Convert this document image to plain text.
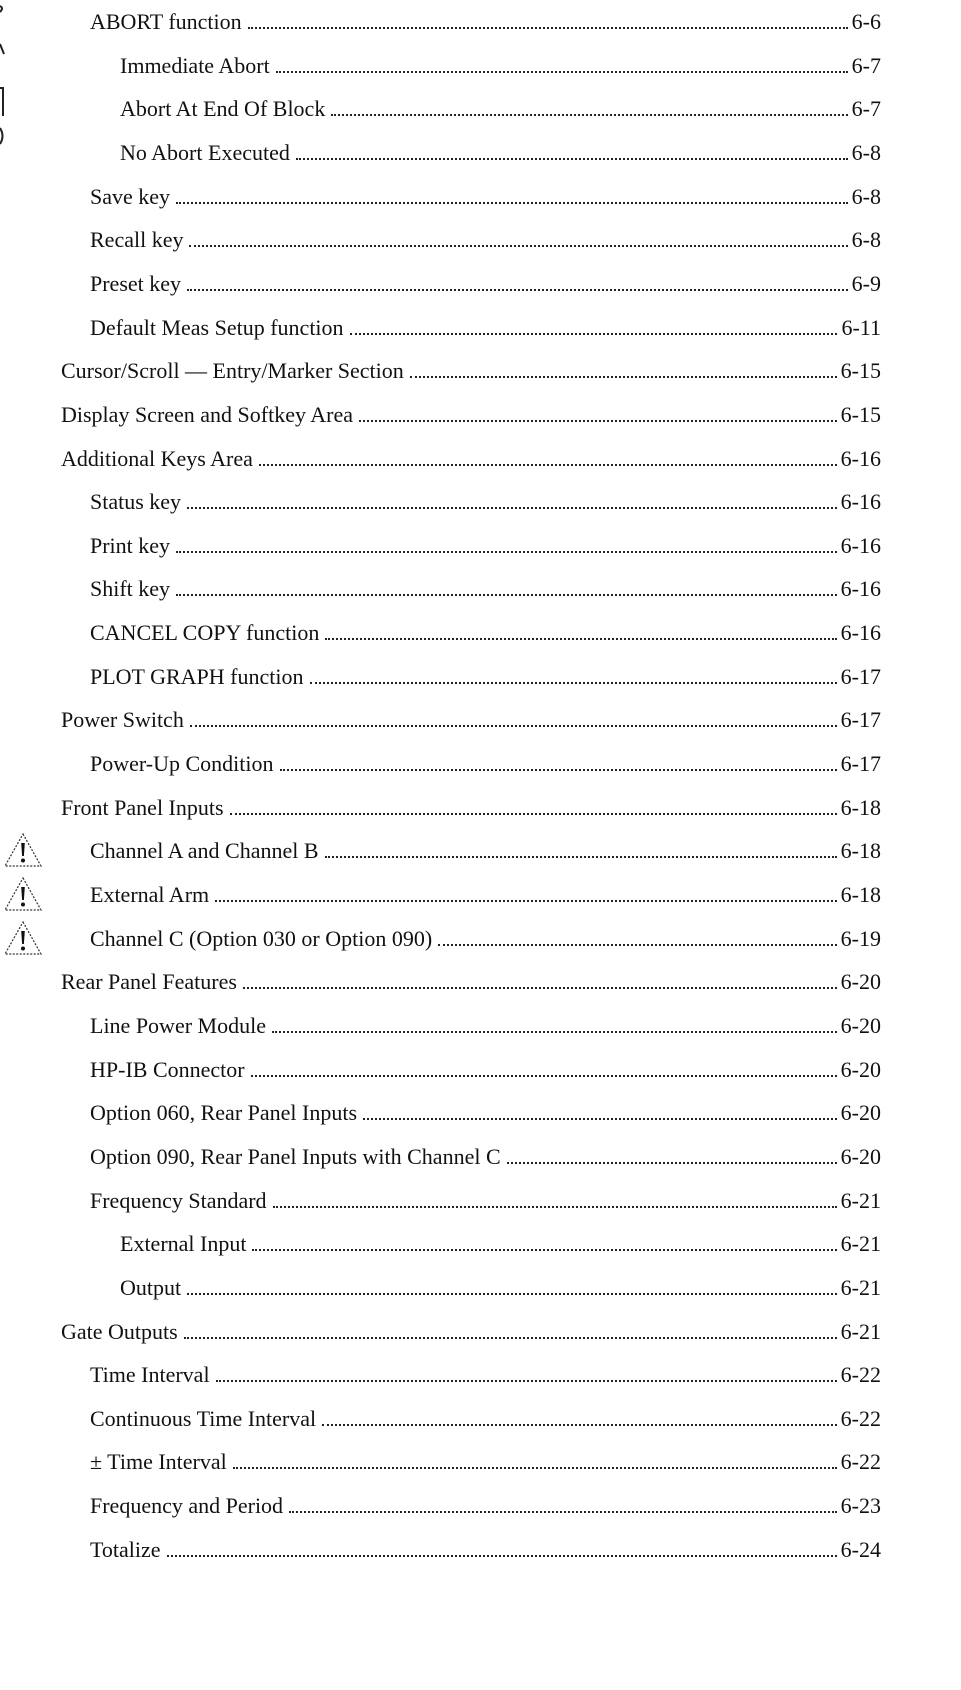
ABORT function	6-6
Immediate Abort	6-7
Abort At End Of Block	6-7
No Abort Executed	6-8
Save key	6-8
Recall key	6-8
Preset key	6-9
Default Meas Setup function	6-11
Cursor/Scroll — Entry/Marker Section	6-15
Display Screen and Softkey Area	6-15
Additional Keys Area	6-16
Status key	6-16
Print key	6-16
Shift key	6-16
CANCEL COPY function	6-16
PLOT GRAPH function	6-17
Power Switch	6-17
Power-Up Condition	6-17
Front Panel Inputs	6-18
Channel A and Channel B	6-18
External Arm	6-18
Channel C (Option 030 or Option 090)	6-19
Rear Panel Features	6-20
Line Power Module	6-20
HP-IB Connector	6-20
Option 060, Rear Panel Inputs	6-20
Option 090, Rear Panel Inputs with Channel C	6-20
Frequency Standard	6-21
External Input	6-21
Output	6-21
Gate Outputs	6-21
Time Interval	6-22
Continuous Time Interval	6-22
± Time Interval	6-22
Frequency and Period	6-23
Totalize	6-24
